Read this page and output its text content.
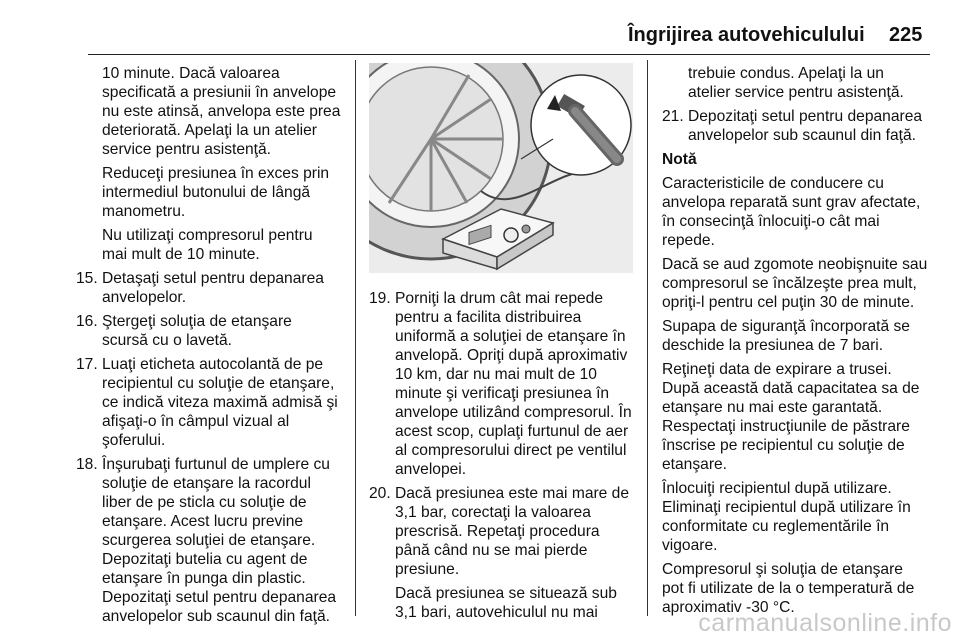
Îngrijirea autovehiculului 225

10 minute. Dacă valoarea specificată a presiunii în anvelope nu este atinsă, anvelopa este prea deteriorată. Apelaţi la un atelier service pentru asistenţă.

Reduceţi presiunea în exces prin intermediul butonului de lângă manometru.

Nu utilizaţi compresorul pentru mai mult de 10 minute.

15. Detaşaţi setul pentru depanarea anvelopelor.
16. Ştergeţi soluţia de etanşare scursă cu o lavetă.
17. Luaţi eticheta autocolantă de pe recipientul cu soluţie de etanşare, ce indică viteza maximă admisă şi afişaţi-o în câmpul vizual al şoferului.
18. Înşurubaţi furtunul de umplere cu soluţie de etanşare la racordul liber de pe sticla cu soluţie de etanşare. Acest lucru previne scurgerea soluţiei de etanşare. Depozitaţi butelia cu agent de etanşare în punga din plastic. Depozitaţi setul pentru depanarea anvelopelor sub scaunul din faţă.
19. Porniţi la drum cât mai repede pentru a facilita distribuirea uniformă a soluţiei de etanşare în anvelopă. Opriţi după aproximativ 10 km, dar nu mai mult de 10 minute şi verificaţi presiunea în anvelope utilizând compresorul. În acest scop, cuplaţi furtunul de aer al compresorului direct pe ventilul anvelopei.
20. Dacă presiunea este mai mare de 3,1 bar, corectaţi la valoarea prescrisă. Repetaţi procedura până când nu se mai pierde presiune.

Dacă presiunea se situează sub 3,1 bari, autovehiculul nu mai

trebuie condus. Apelaţi la un atelier service pentru asistenţă.

21. Depozitaţi setul pentru depanarea anvelopelor sub scaunul din faţă.

Notă

Caracteristicile de conducere cu anvelopa reparată sunt grav afectate, în consecinţă înlocuiţi-o cât mai repede.

Dacă se aud zgomote neobişnuite sau compresorul se încălzeşte prea mult, opriţi-l pentru cel puţin 30 de minute.

Supapa de siguranţă încorporată se deschide la presiunea de 7 bari.

Reţineţi data de expirare a trusei. După această dată capacitatea sa de etanşare nu mai este garantată. Respectaţi instrucţiunile de păstrare înscrise pe recipientul cu soluţie de etanşare.

Înlocuiţi recipientul după utilizare. Eliminaţi recipientul după utilizare în conformitate cu reglementările în vigoare.

Compresorul şi soluţia de etanşare pot fi utilizate de la o temperatură de aproximativ -30 °C.

carmanualsonline.info
